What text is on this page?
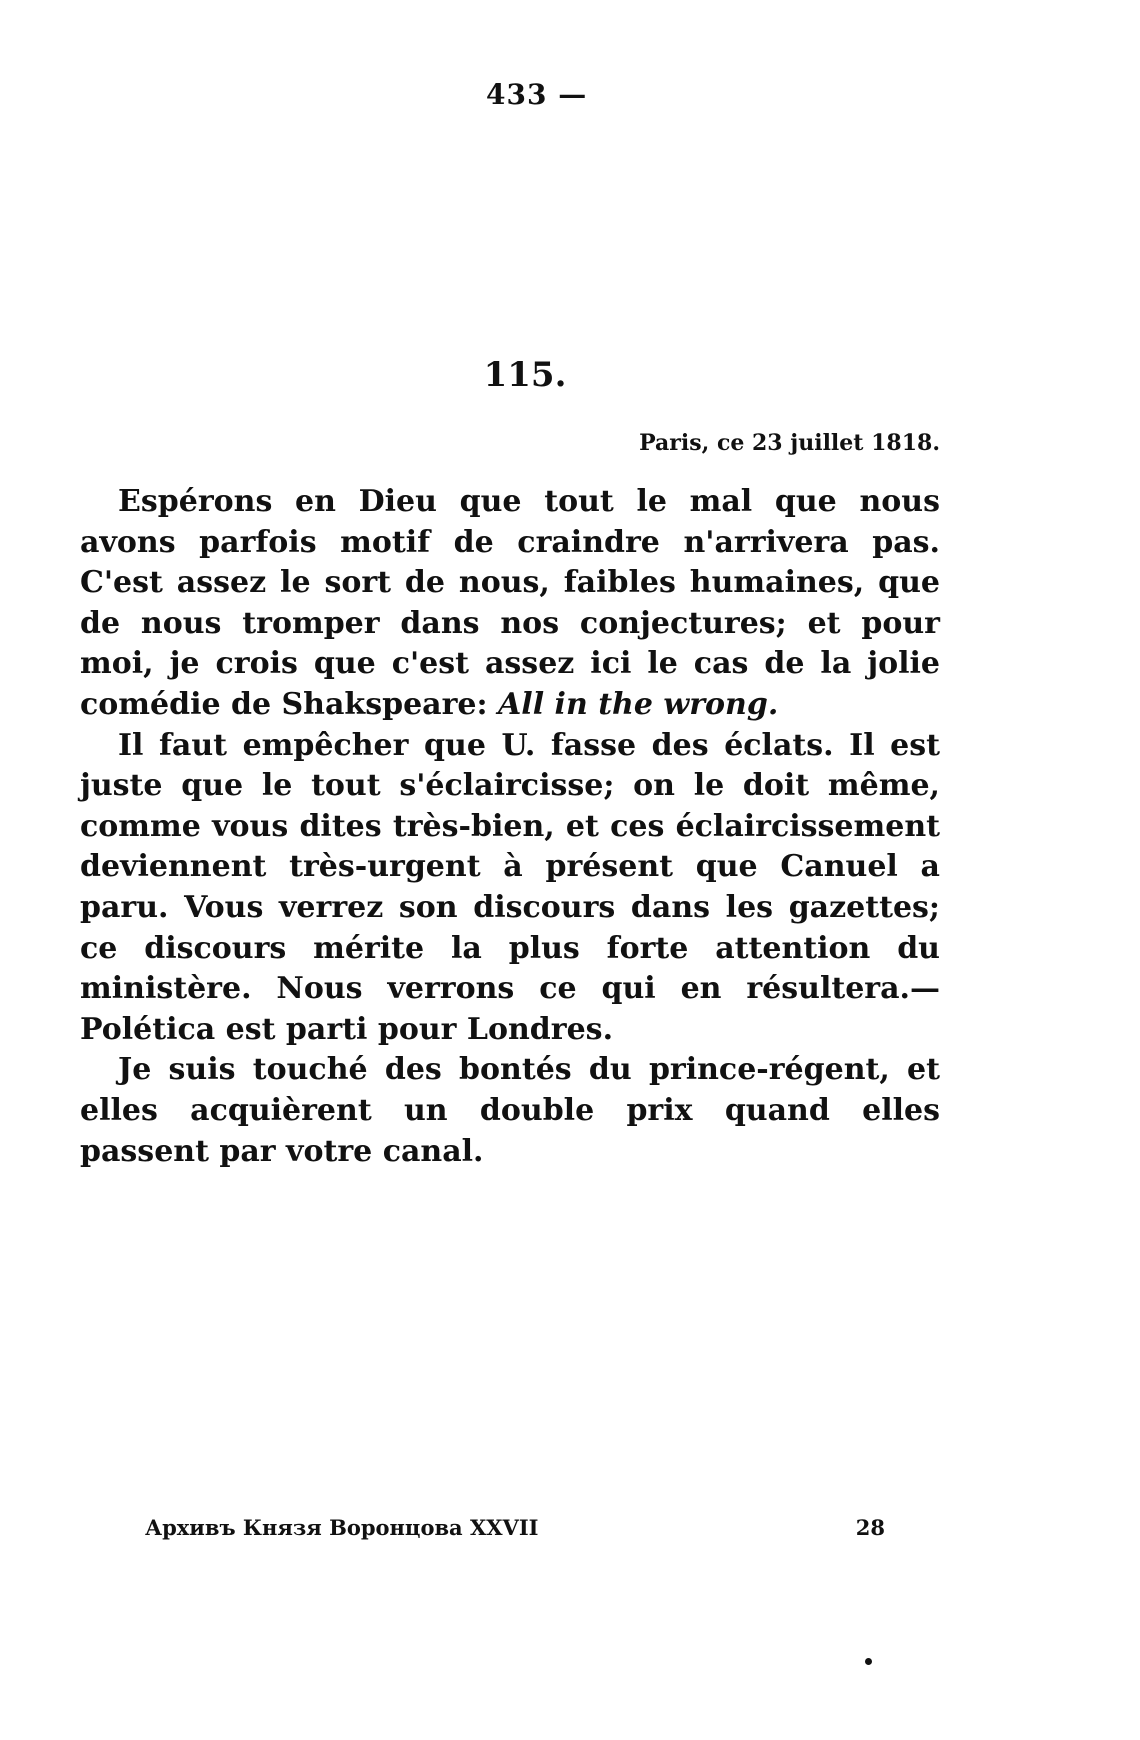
433 —
115.
Paris, ce 23 juillet 1818.

Espérons en Dieu que tout le mal que nous avons parfois motif de craindre n'arrivera pas. C'est assez le sort de nous, faibles humaines, que de nous tromper dans nos conjectures; et pour moi, je crois que c'est assez ici le cas de la jolie comédie de Shakspeare: All in the wrong.

Il faut empêcher que U. fasse des éclats. Il est juste que le tout s'éclaircisse; on le doit même, comme vous dites très-bien, et ces éclaircissement deviennent très-urgent à présent que Canuel a paru. Vous verrez son discours dans les gazettes; ce discours mérite la plus forte attention du ministère. Nous verrons ce qui en résultera.—Polética est parti pour Londres.

Je suis touché des bontés du prince-régent, et elles acquièrent un double prix quand elles passent par votre canal.

Архивъ Князя Воронцова XXVII	28
